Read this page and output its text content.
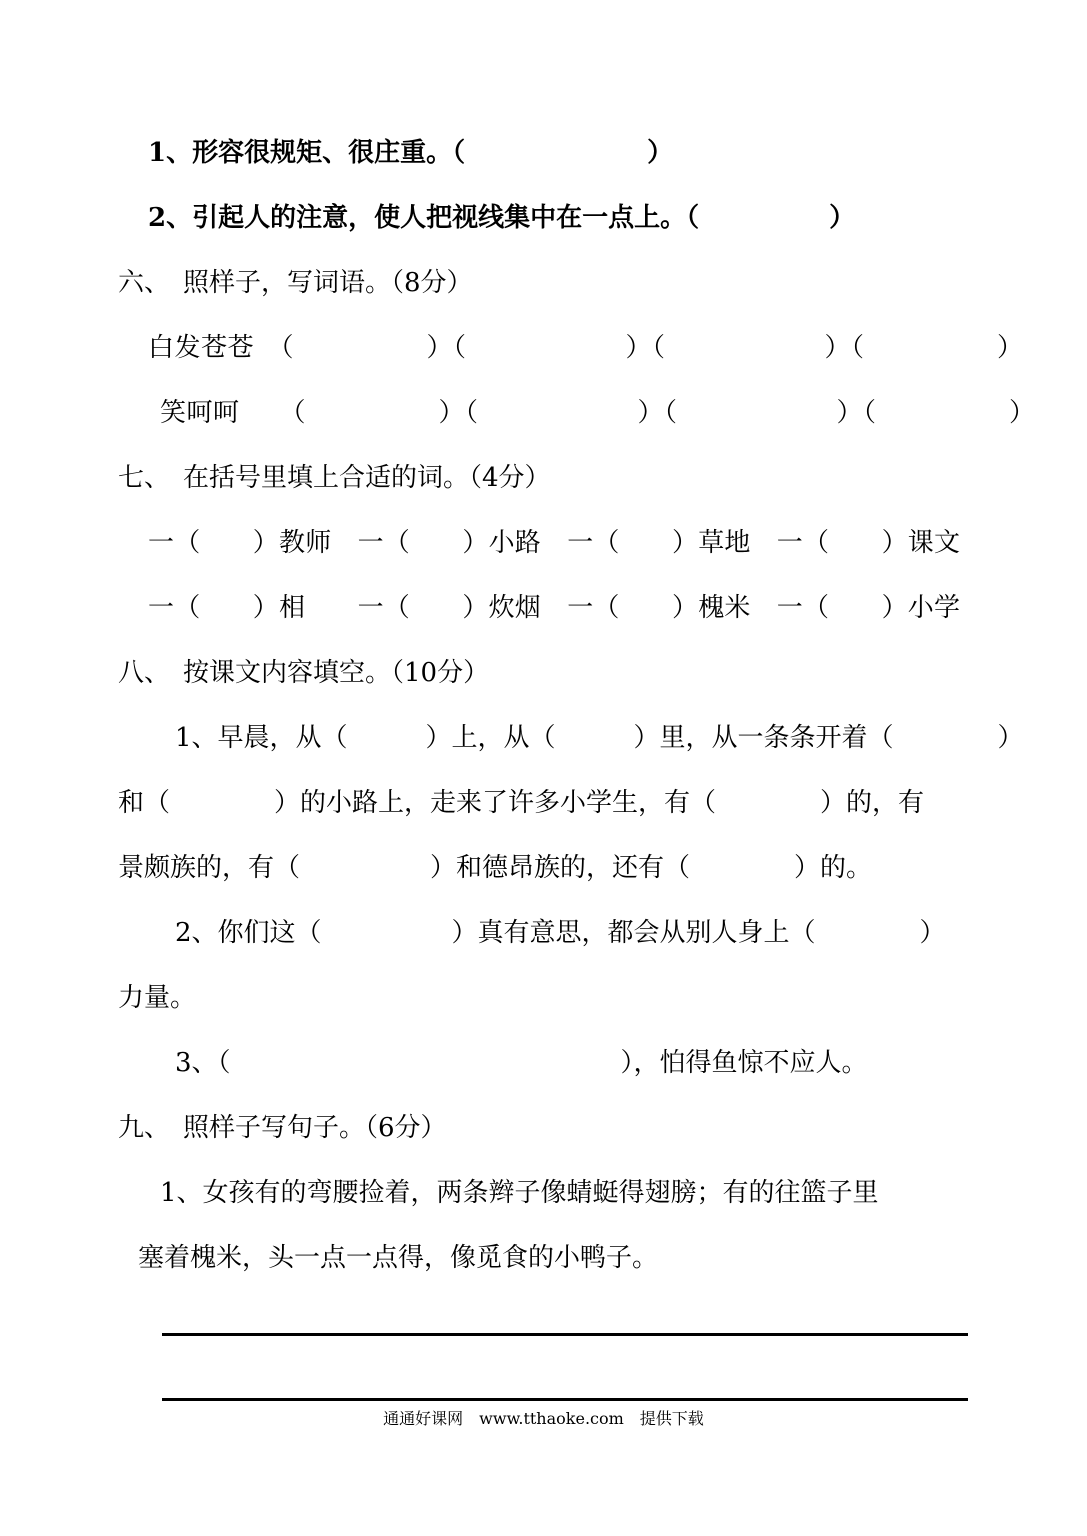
1、形容很规矩、很庄重。（　　　　　　　）
2、引起人的注意，使人把视线集中在一点上。（　　　　　）
六、　照样子，写词语。（8分）
白发苍苍　（　　　　　）（　　　　　　）（　　　　　　）（　　　　　）
笑呵呵　　（　　　　　）（　　　　　　）（　　　　　　）（　　　　　）
七、　在括号里填上合适的词。（4分）
一（　　）教师　一（　　）小路　一（　　）草地　一（　　）课文
一（　　）相　　一（　　）炊烟　一（　　）槐米　一（　　）小学
八、　按课文内容填空。（10分）
1、早晨，从（　　　）上，从（　　　）里，从一条条开着（　　　　）
和（　　　　）的小路上，走来了许多小学生，有（　　　　）的，有
景颇族的，有（　　　　　）和德昂族的，还有（　　　　）的。
2、你们这（　　　　　）真有意思，都会从别人身上（　　　　）
力量。
3、（　　　　　　　　　　　　　　　），怕得鱼惊不应人。
九、　照样子写句子。（6分）
1、女孩有的弯腰捡着，两条辫子像蜻蜓得翅膀；有的往篮子里
塞着槐米，头一点一点得，像觅食的小鸭子。
通通好课网　www.tthaoke.com　提供下载
